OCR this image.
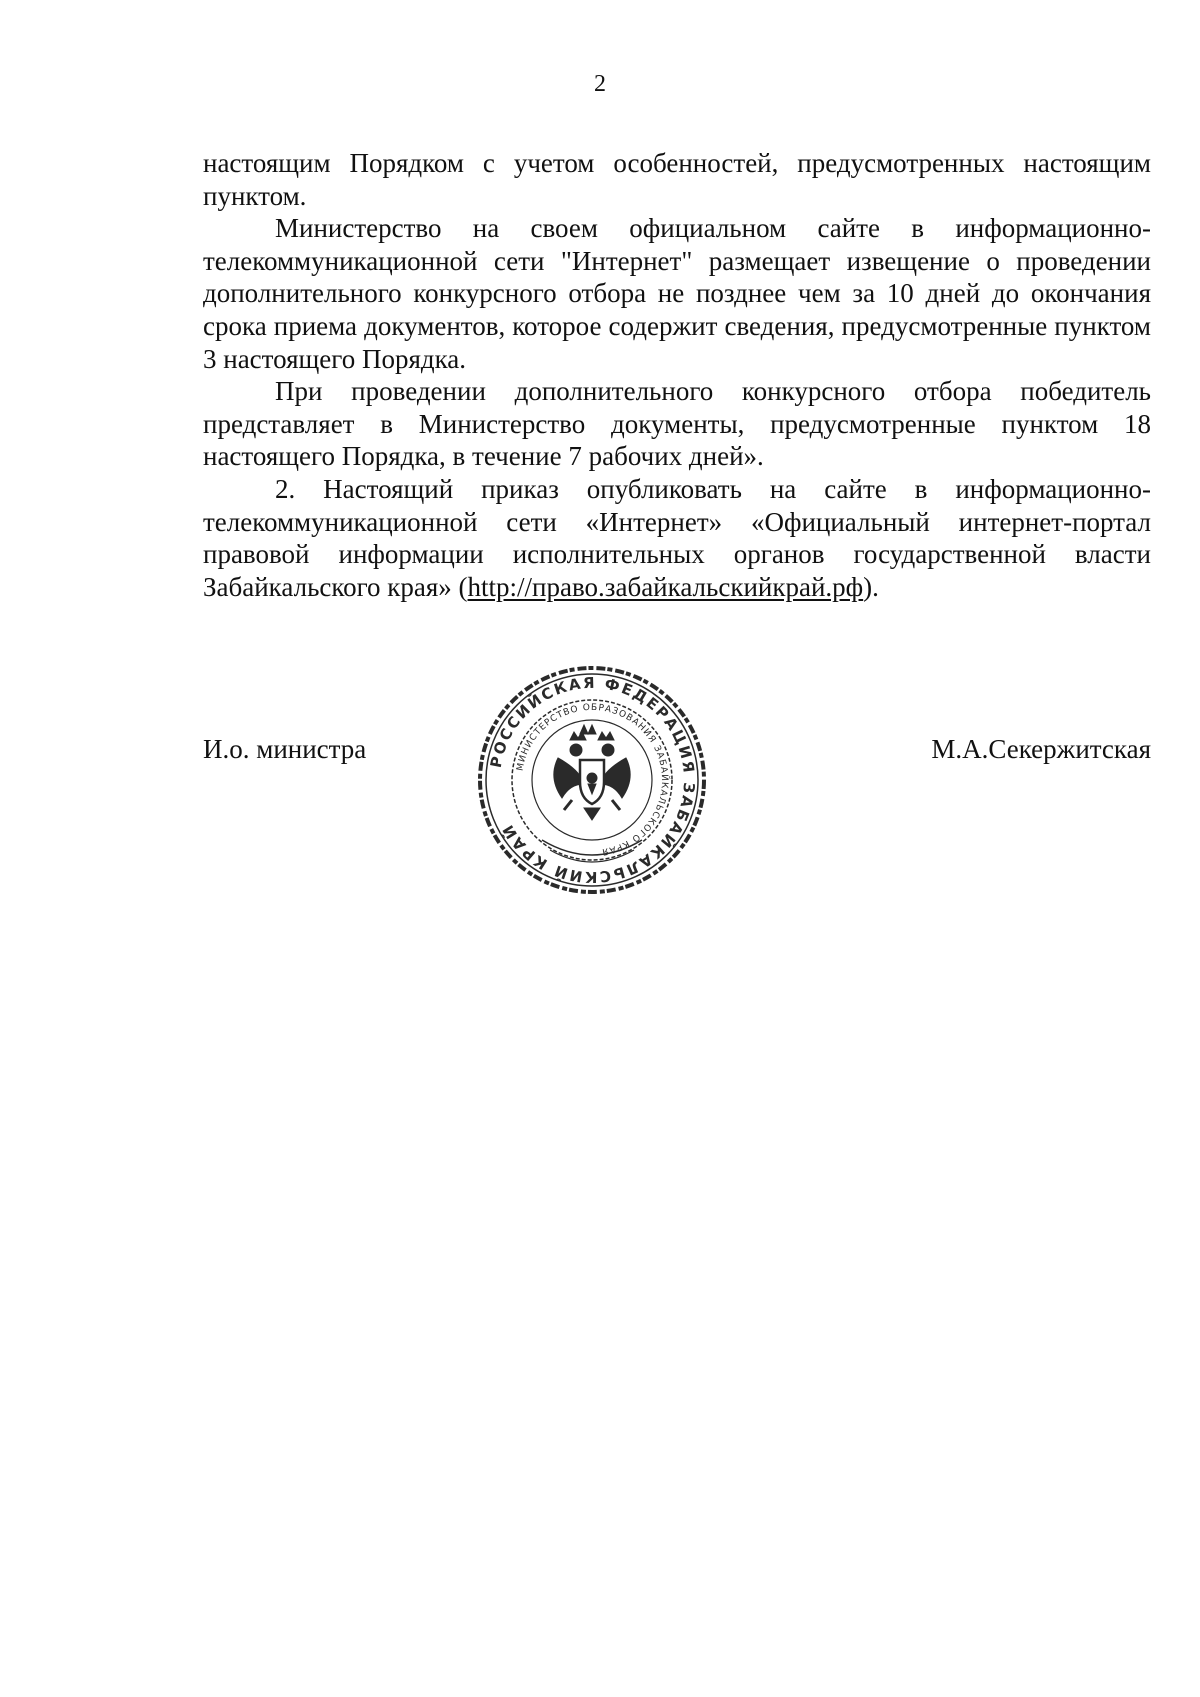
2

настоящим Порядком с учетом особенностей, предусмотренных настоящим пунктом.

Министерство на своем официальном сайте в информационно-телекоммуникационной сети "Интернет" размещает извещение о проведении дополнительного конкурсного отбора не позднее чем за 10 дней до окончания срока приема документов, которое содержит сведения, предусмотренные пунктом 3 настоящего Порядка.

При проведении дополнительного конкурсного отбора победитель представляет в Министерство документы, предусмотренные пунктом 18 настоящего Порядка, в течение 7 рабочих дней».

2. Настоящий приказ опубликовать на сайте в информационно-телекоммуникационной сети «Интернет» «Официальный интернет-портал правовой информации исполнительных органов государственной власти Забайкальского края» (http://право.забайкальскийкрай.рф).

И.о. министра	М.А.Секержитская
РОССИЙСКАЯ ФЕДЕРАЦИЯ ЗАБАЙКАЛЬСКИЙ КРАЙ
МИНИСТЕРСТВО ОБРАЗОВАНИЯ ЗАБАЙКАЛЬСКОГО КРАЯ
